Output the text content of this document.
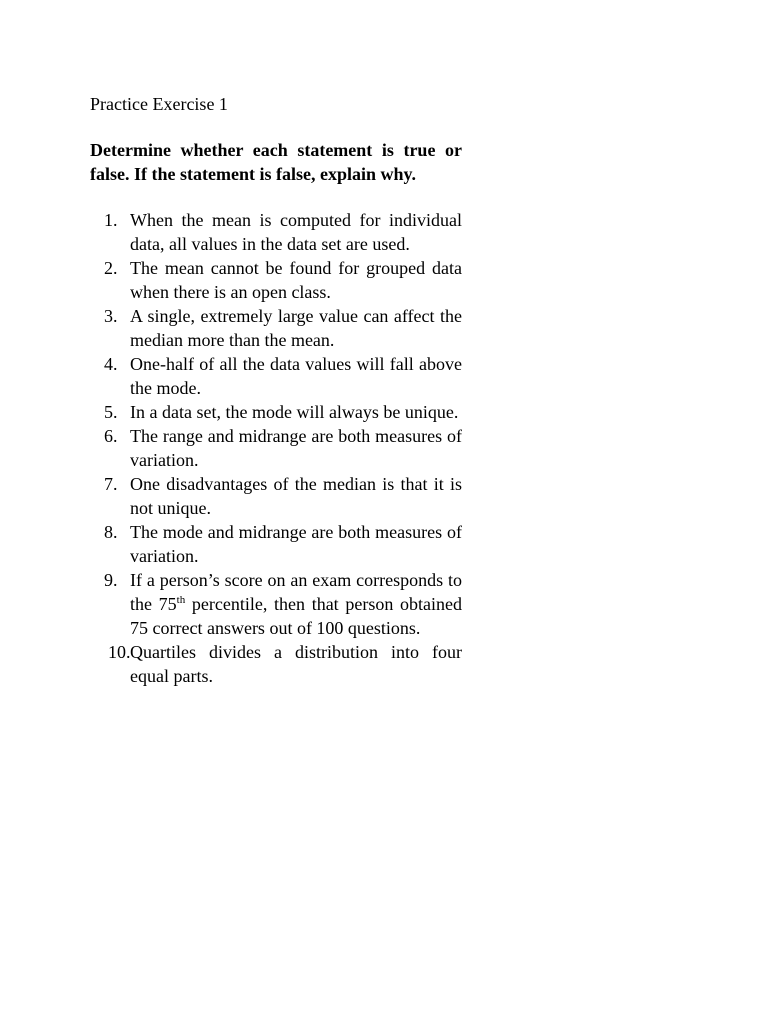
Practice Exercise 1

Determine whether each statement is true or false. If the statement is false, explain why.

1. When the mean is computed for individual data, all values in the data set are used.
2. The mean cannot be found for grouped data when there is an open class.
3. A single, extremely large value can affect the median more than the mean.
4. One-half of all the data values will fall above the mode.
5. In a data set, the mode will always be unique.
6. The range and midrange are both measures of variation.
7. One disadvantages of the median is that it is not unique.
8. The mode and midrange are both measures of variation.
9. If a person’s score on an exam corresponds to the 75th percentile, then that person obtained 75 correct answers out of 100 questions.
10. Quartiles divides a distribution into four equal parts.
